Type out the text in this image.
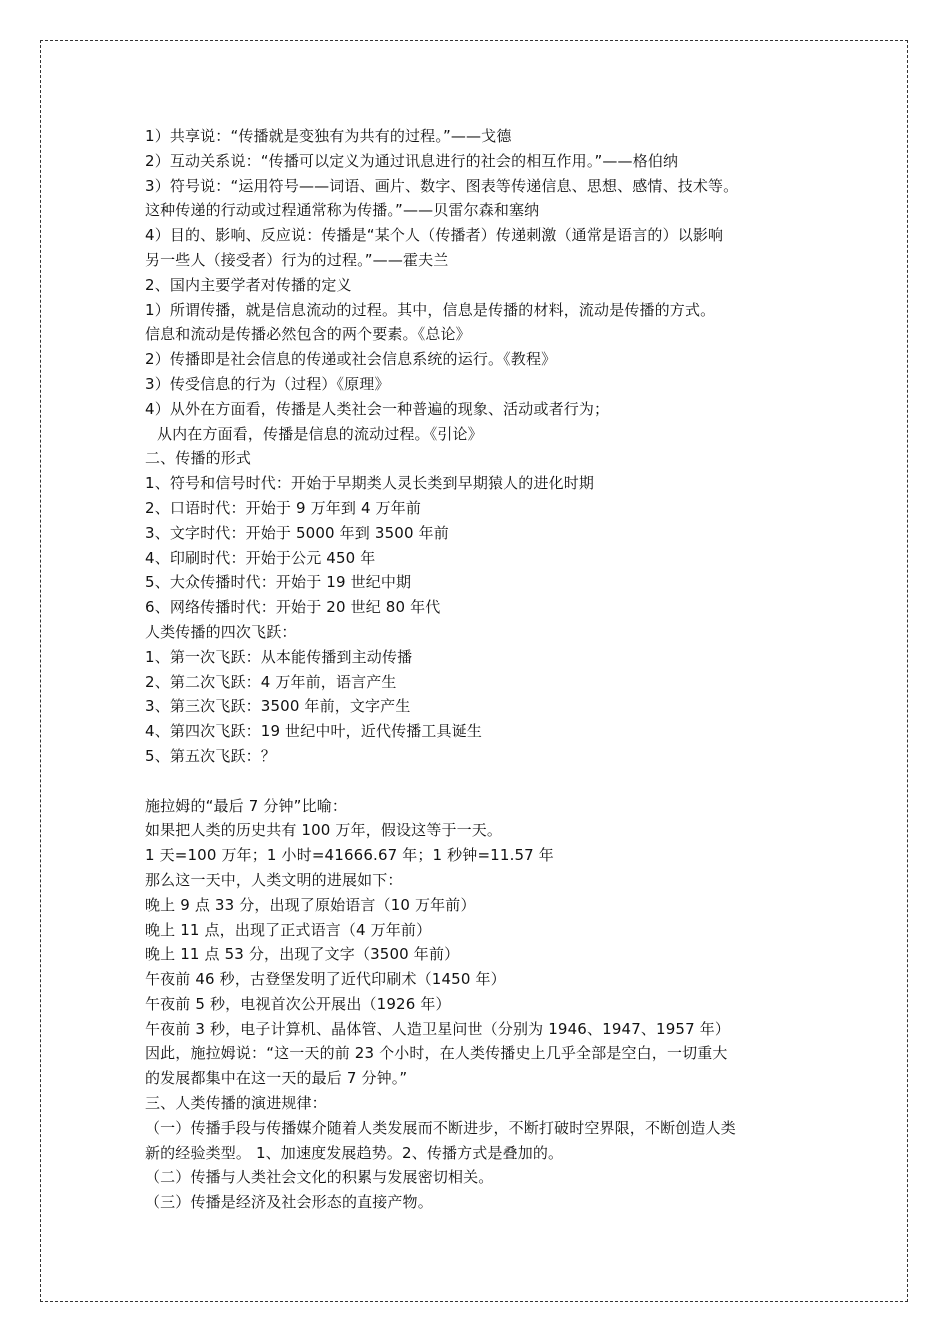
1）共享说：“传播就是变独有为共有的过程。”——戈德
2）互动关系说：“传播可以定义为通过讯息进行的社会的相互作用。”——格伯纳
3）符号说：“运用符号——词语、画片、数字、图表等传递信息、思想、感情、技术等。
这种传递的行动或过程通常称为传播。”——贝雷尔森和塞纳
4）目的、影响、反应说：传播是“某个人（传播者）传递刺激（通常是语言的）以影响
另一些人（接受者）行为的过程。”——霍夫兰
2、国内主要学者对传播的定义
1）所谓传播，就是信息流动的过程。其中，信息是传播的材料，流动是传播的方式。
信息和流动是传播必然包含的两个要素。《总论》
2）传播即是社会信息的传递或社会信息系统的运行。《教程》
3）传受信息的行为（过程）《原理》
4）从外在方面看，传播是人类社会一种普遍的现象、活动或者行为；
从内在方面看，传播是信息的流动过程。《引论》
二、传播的形式
1、符号和信号时代：开始于早期类人灵长类到早期猿人的进化时期
2、口语时代：开始于 9 万年到 4 万年前
3、文字时代：开始于 5000 年到 3500 年前
4、印刷时代：开始于公元 450 年
5、大众传播时代：开始于 19 世纪中期
6、网络传播时代：开始于 20 世纪 80 年代
人类传播的四次飞跃：
1、第一次飞跃：从本能传播到主动传播
2、第二次飞跃：4 万年前，语言产生
3、第三次飞跃：3500 年前，文字产生
4、第四次飞跃：19 世纪中叶，近代传播工具诞生
5、第五次飞跃：？
施拉姆的“最后 7 分钟”比喻：
如果把人类的历史共有 100 万年，假设这等于一天。
1 天=100 万年；1 小时=41666.67 年；1 秒钟=11.57 年
那么这一天中，人类文明的进展如下：
晚上 9 点 33 分，出现了原始语言（10 万年前）
晚上 11 点，出现了正式语言（4 万年前）
晚上 11 点 53 分，出现了文字（3500 年前）
午夜前 46 秒，古登堡发明了近代印刷术（1450 年）
午夜前 5 秒，电视首次公开展出（1926 年）
午夜前 3 秒，电子计算机、晶体管、人造卫星问世（分别为 1946、1947、1957 年）
因此，施拉姆说：“这一天的前 23 个小时，在人类传播史上几乎全部是空白，一切重大
的发展都集中在这一天的最后 7 分钟。”
三、人类传播的演进规律：
（一）传播手段与传播媒介随着人类发展而不断进步，不断打破时空界限，不断创造人类
新的经验类型。 1、加速度发展趋势。2、传播方式是叠加的。
（二）传播与人类社会文化的积累与发展密切相关。
（三）传播是经济及社会形态的直接产物。
